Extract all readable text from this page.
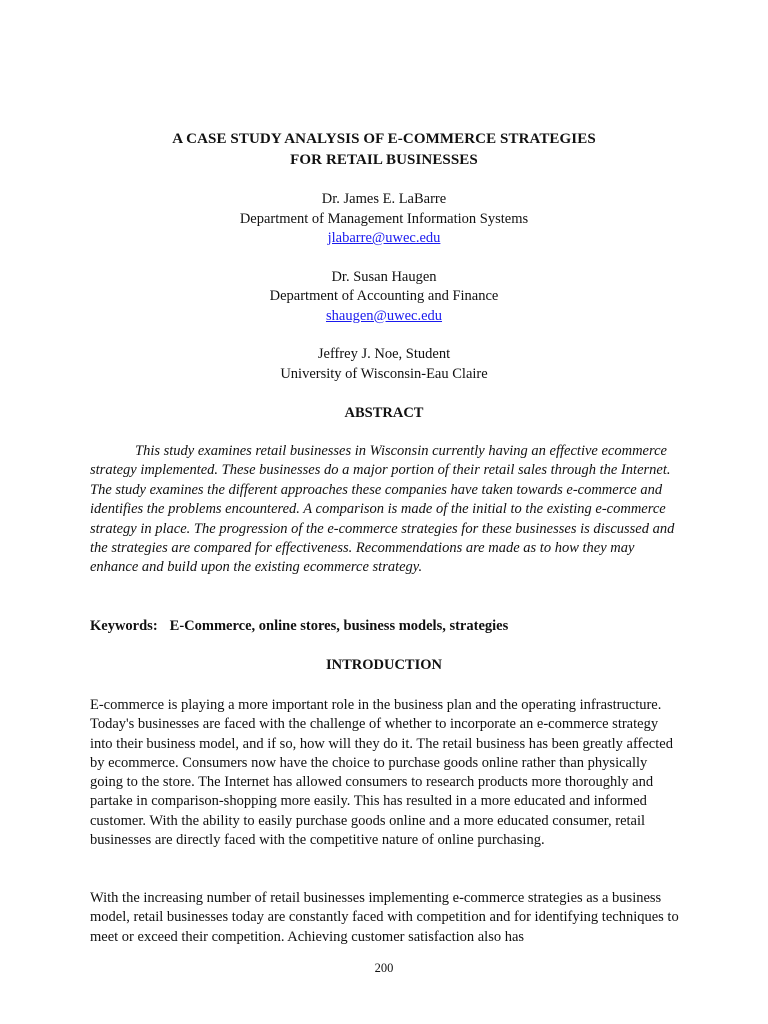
A CASE STUDY ANALYSIS OF E-COMMERCE STRATEGIES
FOR RETAIL BUSINESSES
Dr. James E. LaBarre
Department of Management Information Systems
jlabarre@uwec.edu
Dr. Susan Haugen
Department of Accounting and Finance
shaugen@uwec.edu
Jeffrey J. Noe, Student
University of Wisconsin-Eau Claire
ABSTRACT

This study examines retail businesses in Wisconsin currently having an effective ecommerce strategy implemented. These businesses do a major portion of their retail sales through the Internet. The study examines the different approaches these companies have taken towards e-commerce and identifies the problems encountered. A comparison is made of the initial to the existing e-commerce strategy in place. The progression of the e-commerce strategies for these businesses is discussed and the strategies are compared for effectiveness. Recommendations are made as to how they may enhance and build upon the existing ecommerce strategy.

Keywords: E-Commerce, online stores, business models, strategies
INTRODUCTION

E-commerce is playing a more important role in the business plan and the operating infrastructure. Today's businesses are faced with the challenge of whether to incorporate an e-commerce strategy into their business model, and if so, how will they do it. The retail business has been greatly affected by ecommerce. Consumers now have the choice to purchase goods online rather than physically going to the store. The Internet has allowed consumers to research products more thoroughly and partake in comparison-shopping more easily. This has resulted in a more educated and informed customer. With the ability to easily purchase goods online and a more educated consumer, retail businesses are directly faced with the competitive nature of online purchasing.

With the increasing number of retail businesses implementing e-commerce strategies as a business model, retail businesses today are constantly faced with competition and for identifying techniques to meet or exceed their competition. Achieving customer satisfaction also has

200
